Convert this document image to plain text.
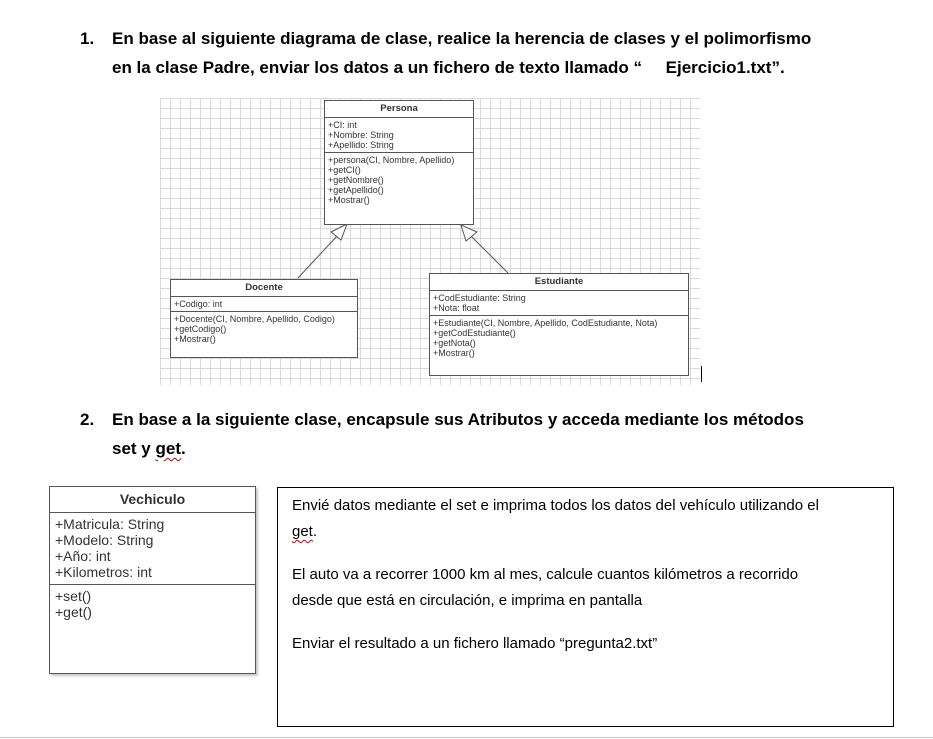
1. En base al siguiente diagrama de clase, realice la herencia de clases y el polimorfismo
en la clase Padre, enviar los datos a un fichero de texto llamado “     Ejercicio1.txt”.
Persona
+CI: int
+Nombre: String
+Apellido: String
+persona(CI, Nombre, Apellido)
+getCI()
+getNombre()
+getApellido()
+Mostrar()
Docente
+Codigo: int
+Docente(CI, Nombre, Apellido, Codigo)
+getCodigo()
+Mostrar()
Estudiante
+CodEstudiante: String
+Nota: float
+Estudiante(CI, Nombre, Apellido, CodEstudiante, Nota)
+getCodEstudiante()
+getNota()
+Mostrar()
2. En base a la siguiente clase, encapsule sus Atributos y acceda mediante los métodos
set y get.
Vechiculo
+Matricula: String
+Modelo: String
+Año: int
+Kilometros: int
+set()
+get()

Envié datos mediante el set e imprima todos los datos del vehículo utilizando el
get.

El auto va a recorrer 1000 km al mes, calcule cuantos kilómetros a recorrido
desde que está en circulación, e imprima en pantalla

Enviar el resultado a un fichero llamado “pregunta2.txt”
